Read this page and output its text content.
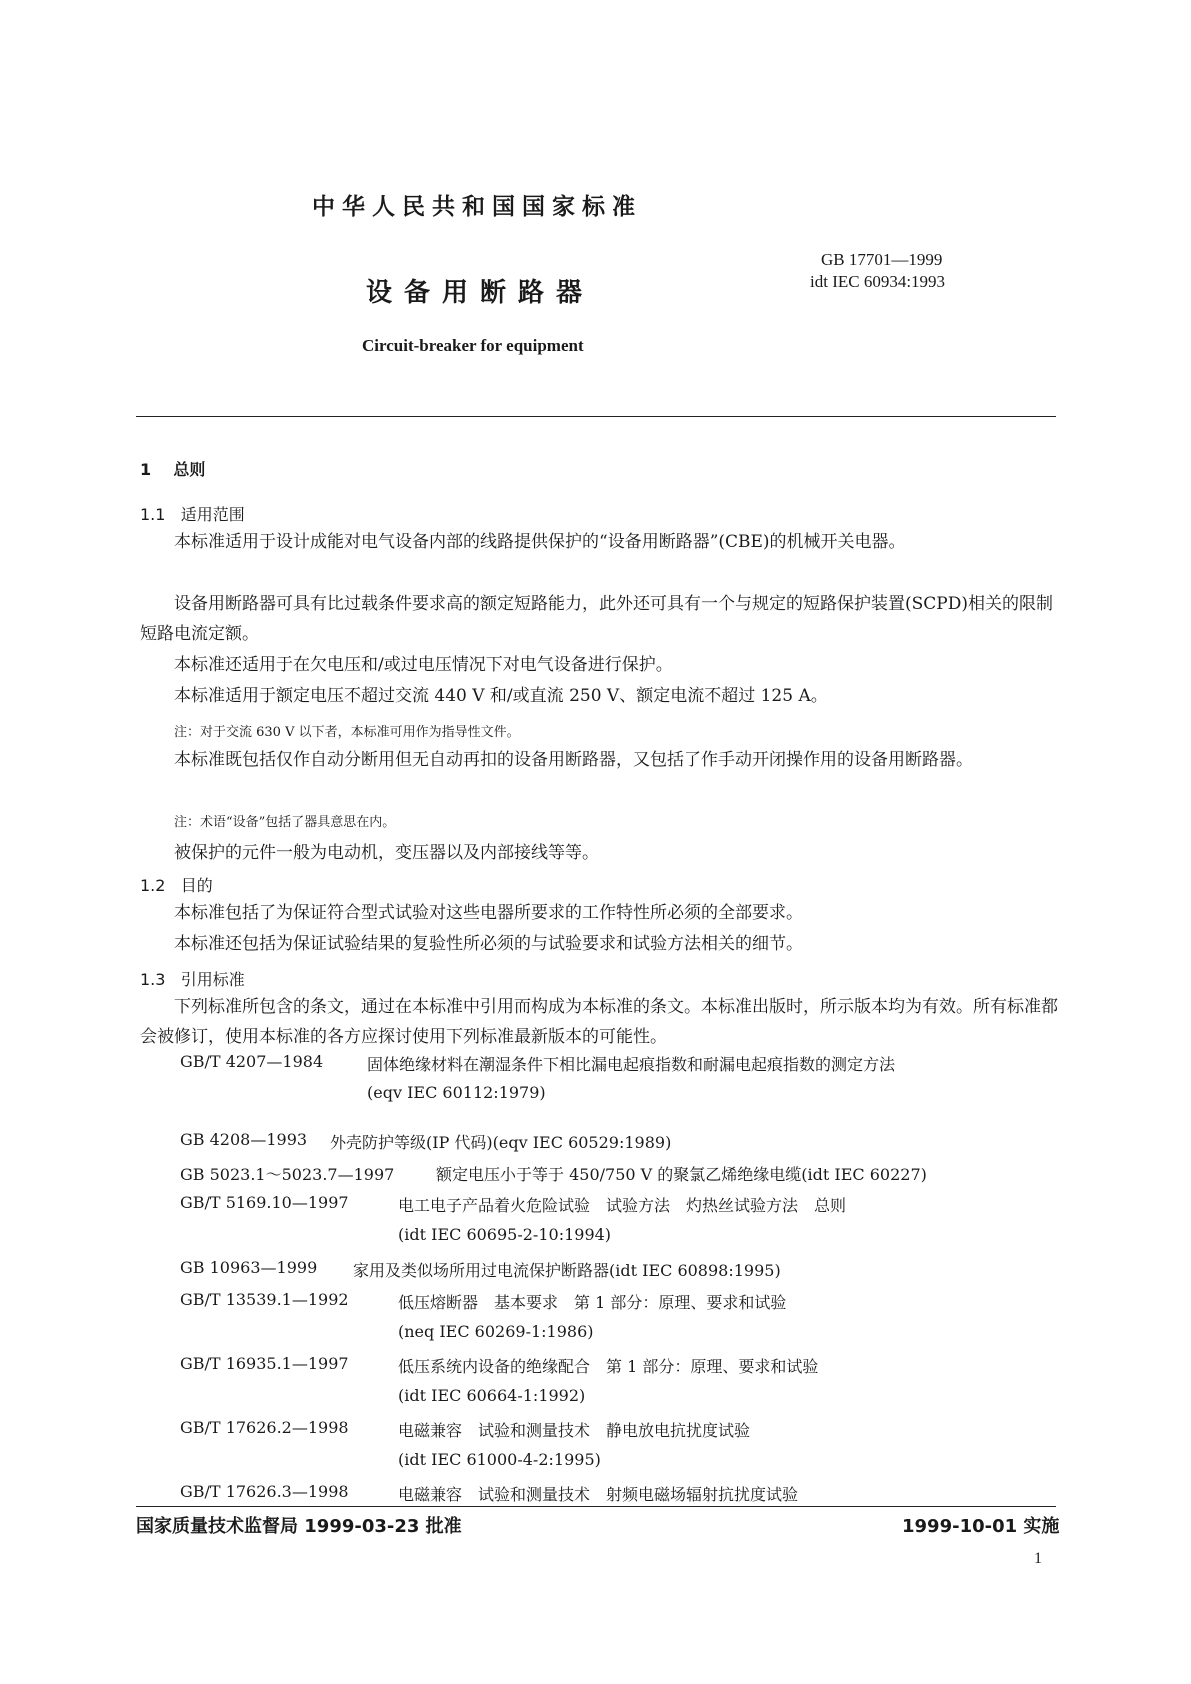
中华人民共和国国家标准
GB 17701—1999
idt IEC 60934:1993
设备用断路器
Circuit-breaker for equipment
1 总则
1.1 适用范围
本标准适用于设计成能对电气设备内部的线路提供保护的“设备用断路器”(CBE)的机械开关电器。
设备用断路器可具有比过载条件要求高的额定短路能力，此外还可具有一个与规定的短路保护装置(SCPD)相关的限制短路电流定额。
本标准还适用于在欠电压和/或过电压情况下对电气设备进行保护。
本标准适用于额定电压不超过交流 440 V 和/或直流 250 V、额定电流不超过 125 A。
注：对于交流 630 V 以下者，本标准可用作为指导性文件。
本标准既包括仅作自动分断用但无自动再扣的设备用断路器，又包括了作手动开闭操作用的设备用断路器。
注：术语“设备”包括了器具意思在内。
被保护的元件一般为电动机，变压器以及内部接线等等。
1.2 目的
本标准包括了为保证符合型式试验对这些电器所要求的工作特性所必须的全部要求。
本标准还包括为保证试验结果的复验性所必须的与试验要求和试验方法相关的细节。
1.3 引用标准
下列标准所包含的条文，通过在本标准中引用而构成为本标准的条文。本标准出版时，所示版本均为有效。所有标准都会被修订，使用本标准的各方应探讨使用下列标准最新版本的可能性。
GB/T 4207—1984	固体绝缘材料在潮湿条件下相比漏电起痕指数和耐漏电起痕指数的测定方法
(eqv IEC 60112:1979)
GB 4208—1993 外壳防护等级(IP 代码)(eqv IEC 60529:1989)
GB 5023.1～5023.7—1997	额定电压小于等于 450/750 V 的聚氯乙烯绝缘电缆(idt IEC 60227)
GB/T 5169.10—1997	电工电子产品着火危险试验　试验方法　灼热丝试验方法　总则
(idt IEC 60695-2-10:1994)
GB 10963—1999 家用及类似场所用过电流保护断路器(idt IEC 60898:1995)
GB/T 13539.1—1992	低压熔断器　基本要求　第 1 部分：原理、要求和试验
(neq IEC 60269-1:1986)
GB/T 16935.1—1997	低压系统内设备的绝缘配合　第 1 部分：原理、要求和试验
(idt IEC 60664-1:1992)
GB/T 17626.2—1998	电磁兼容　试验和测量技术　静电放电抗扰度试验
(idt IEC 61000-4-2:1995)
GB/T 17626.3—1998	电磁兼容　试验和测量技术　射频电磁场辐射抗扰度试验
国家质量技术监督局 1999-03-23 批准	1999-10-01 实施
1
